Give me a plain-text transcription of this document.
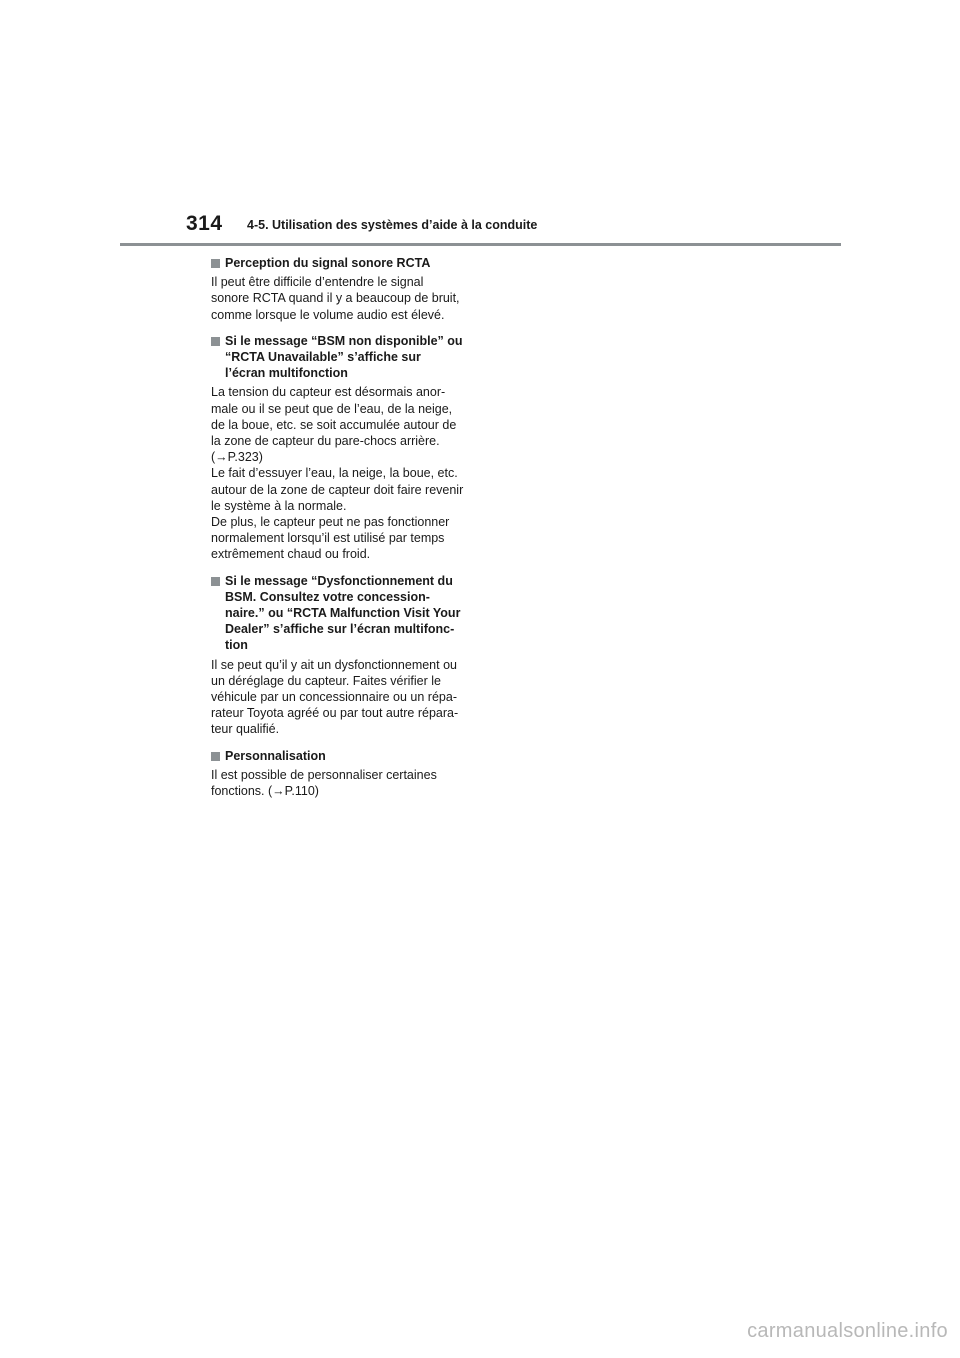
314 4-5. Utilisation des systèmes d’aide à la conduite
Perception du signal sonore RCTA

Il peut être difficile d’entendre le signal
sonore RCTA quand il y a beaucoup de bruit,
comme lorsque le volume audio est élevé.

Si le message “BSM non disponible” ou
“RCTA Unavailable” s’affiche sur
l’écran multifonction

La tension du capteur est désormais anor-
male ou il se peut que de l’eau, de la neige,
de la boue, etc. se soit accumulée autour de
la zone de capteur du pare-chocs arrière.
(→P.323)
Le fait d’essuyer l’eau, la neige, la boue, etc.
autour de la zone de capteur doit faire revenir
le système à la normale.
De plus, le capteur peut ne pas fonctionner
normalement lorsqu’il est utilisé par temps
extrêmement chaud ou froid.

Si le message “Dysfonctionnement du
BSM. Consultez votre concession-
naire.” ou “RCTA Malfunction Visit Your
Dealer” s’affiche sur l’écran multifonc-
tion

Il se peut qu’il y ait un dysfonctionnement ou
un déréglage du capteur. Faites vérifier le
véhicule par un concessionnaire ou un répa-
rateur Toyota agréé ou par tout autre répara-
teur qualifié.

Personnalisation

Il est possible de personnaliser certaines
fonctions. (→P.110)

carmanualsonline.info
